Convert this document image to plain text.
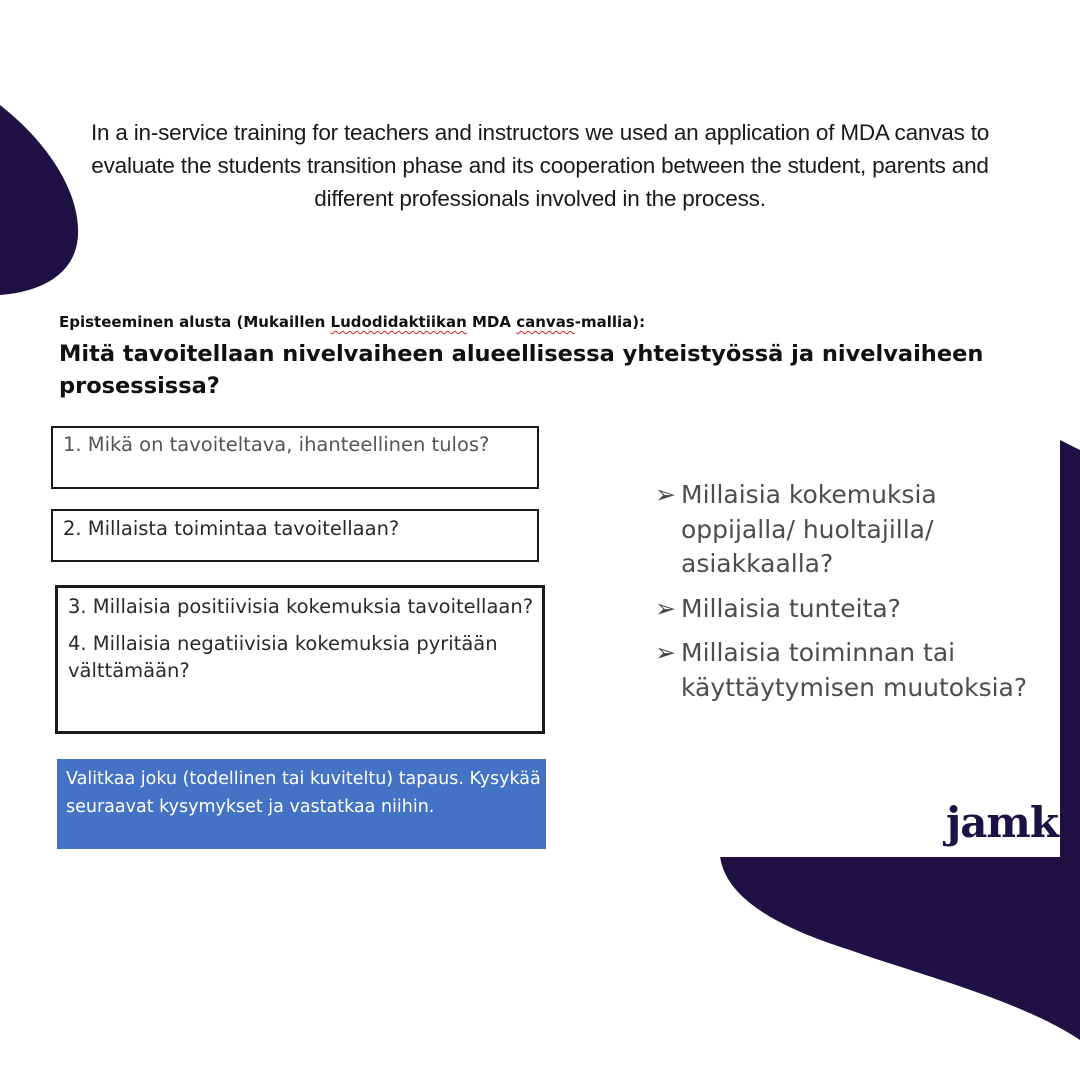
In a in-service training for teachers and instructors we used an application of MDA canvas to evaluate the students transition phase and its cooperation between the student, parents and different professionals involved in the process.
Episteeminen alusta (Mukaillen Ludodidaktiikan MDA canvas-mallia):
Mitä tavoitellaan nivelvaiheen alueellisessa yhteistyössä ja nivelvaiheen prosessissa?
1. Mikä on tavoiteltava, ihanteellinen tulos?
2. Millaista toimintaa tavoitellaan?

3. Millaisia positiivisia kokemuksia tavoitellaan?

4. Millaisia negatiivisia kokemuksia pyritään välttämään?

Valitkaa joku (todellinen tai kuviteltu) tapaus. Kysykää seuraavat kysymykset ja vastatkaa niihin.
➢ Millaisia kokemuksia oppijalla/ huoltajilla/ asiakkaalla?
➢ Millaisia tunteita?
➢ Millaisia toiminnan tai käyttäytymisen muutoksia?
jamk
